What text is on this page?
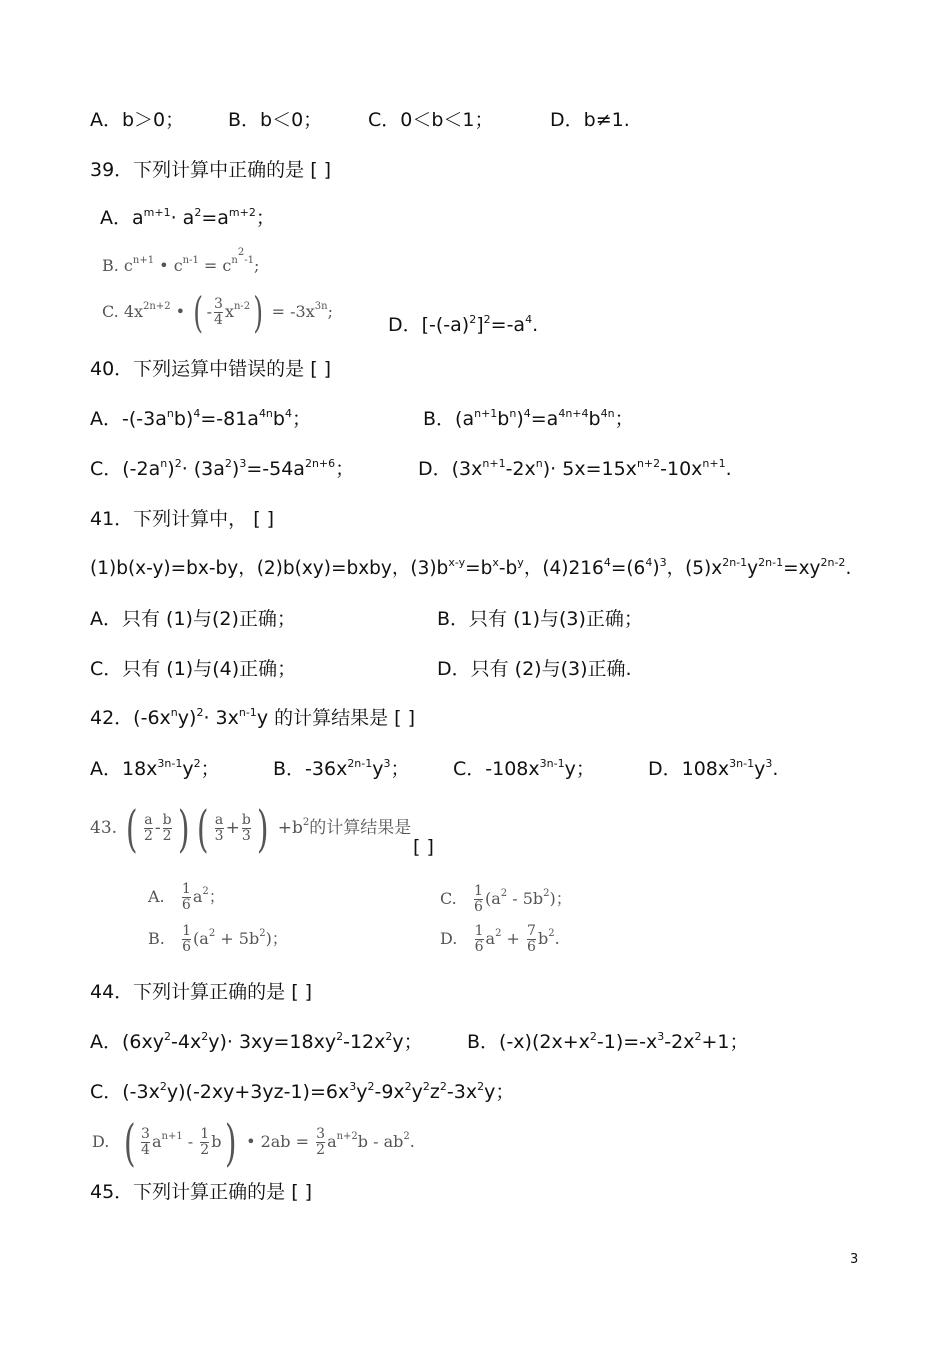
A．b＞0； B．b＜0； C．0＜b＜1；	D．b≠1.
39．下列计算中正确的是 [ ]
A．$a^{m+1}\cdot a^2=a^{m+2}$；
B. $c^{n+1}$ • $c^{n-1} = c^{n^2-1}$;
C. $4x^{2n+2}$ • ( - $\frac{3}{4} x^{n-2}) = -3x^{3n}$;
D．$[-(-a)^2]^2=-a^4$.
40．下列运算中错误的是 [ ]
A．$-(-3a^nb)^4=-81a^{4n}b^4$；	B．$(a^{n+1}b^n)^4=a^{4n+4}b^{4n}$；
C．$(-2a^n)^2\cdot (3a^2)^3=-54a^{2n+6}$；	D．$(3x^{n+1}-2x^n)\cdot 5x=15x^{n+2}-10x^{n+1}$.
41．下列计算中， [ ]
(1)b(x-y)=bx-by，(2)b(xy)=bxby，$(3)b^{x-y}=b^x-b^y$，$(4)216^4=(6^4)^3$，$(5)x^{2n-1}y^{2n-1}=xy^{2n-2}$.
A．只有 (1)与(2)正确；	B．只有 (1)与(3)正确；
C．只有 (1)与(4)正确；	D．只有 (2)与(3)正确.
42．$(-6x^ny)^2\cdot 3x^{n-1}y$ 的计算结果是 [ ]
A．$18x^{3n-1}y^2$；	B．$-36x^{2n-1}y^3$； C．$-108x^{3n-1}y$；	D．$108x^{3n-1}y^3$.
43. ( $\frac{a}{2} - \frac{b}{2}$ ) ( $\frac{a}{3} + \frac{b}{3}$ ) $+b^2$的计算结果是
[ ]
A. $\frac{1}{6} a^2$；
B. $\frac{1}{6} (a^2 + 5b^2)$；
C. $\frac{1}{6} (a^2 - 5b^2)$；
D. $\frac{1}{6} a^2 + \frac{7}{6} b^2$.
44．下列计算正确的是 [ ]
A．$(6xy^2-4x^2y)\cdot 3xy=18xy^2-12x^2y$； B．$(-x)(2x+x^2-1)=-x^3-2x^2+1$；
C．$(-3x^2y)(-2xy+3yz-1)=6x^3y^2-9x^2y^2z^2-3x^2y$；
D. ( $\frac{3}{4} a^{n+1} - \frac{1}{2} b$) • $2ab = \frac{3}{2} a^{n+2}b - ab^2$.
45．下列计算正确的是 [ ]
3
